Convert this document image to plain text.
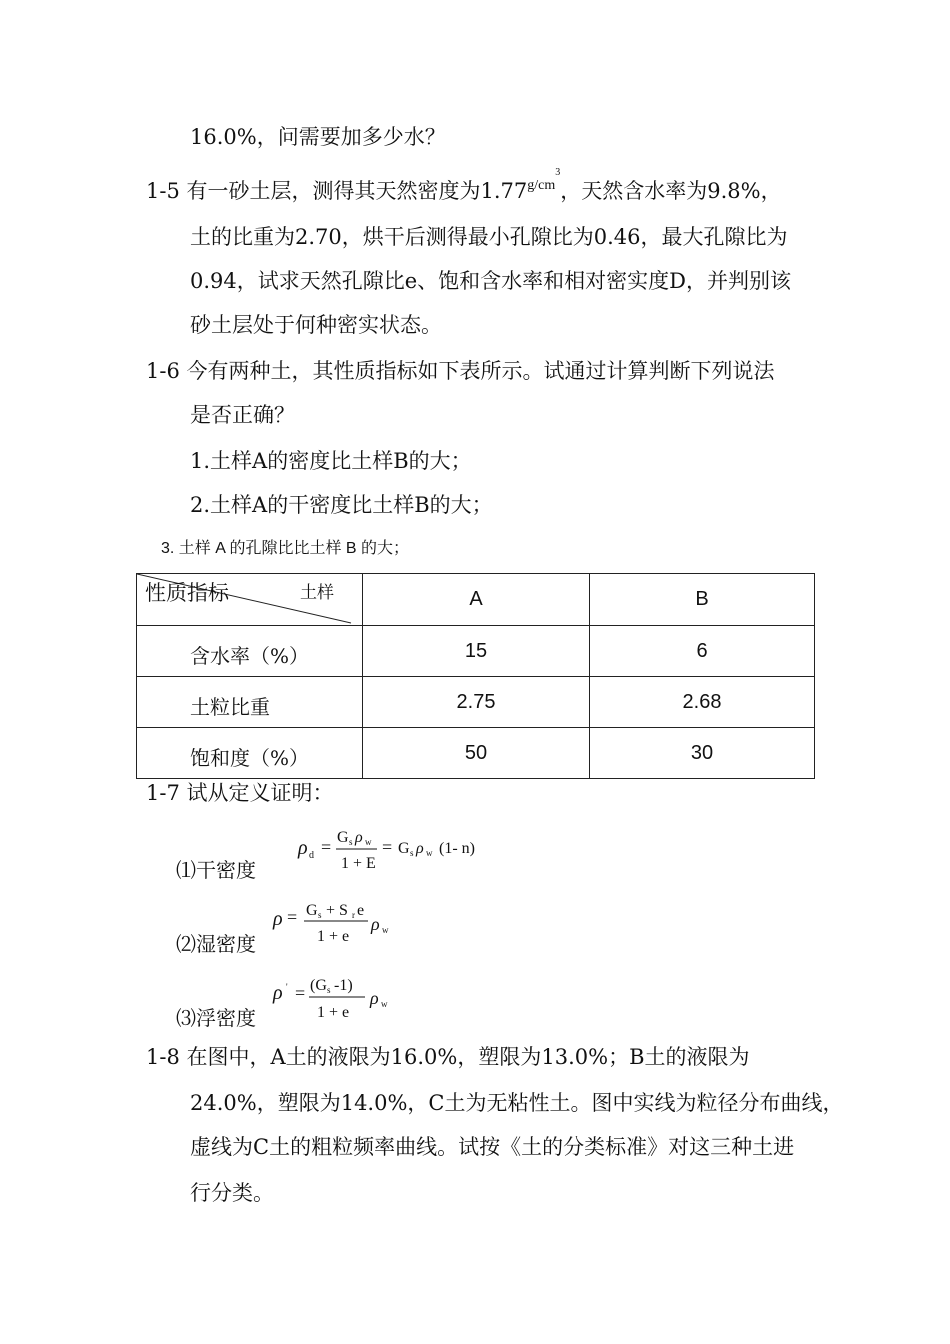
16.0%，问需要加多少水？
1-5 有一砂土层，测得其天然密度为$1.77^{g/cm^3}$，天然含水率为9.8%，
土的比重为2.70，烘干后测得最小孔隙比为0.46，最大孔隙比为
0.94，试求天然孔隙比e、饱和含水率和相对密实度D，并判别该
砂土层处于何种密实状态。
1-6 今有两种土，其性质指标如下表所示。试通过计算判断下列说法
是否正确？
1.土样A的密度比土样B的大；
2.土样A的干密度比土样B的大；
3. 土样 A 的孔隙比比土样 B 的大；
性质指标 土样	A	B
含水率（%）	15	6
土粒比重	2.75	2.68
饱和度（%）	50	30
1-7 试从定义证明：
⑴干密度
ρ d = G s ρ w
1 + E
= G s ρ w (1- n)
⑵湿密度
ρ = G s + S r e
1 + e
ρ w
⑶浮密度
ρ ' = (G s -1)
1 + e
ρ w
1-8 在图中，A土的液限为16.0%，塑限为13.0%；B土的液限为
24.0%，塑限为14.0%，C土为无粘性土。图中实线为粒径分布曲线，
虚线为C土的粗粒频率曲线。试按《土的分类标准》对这三种土进
行分类。
